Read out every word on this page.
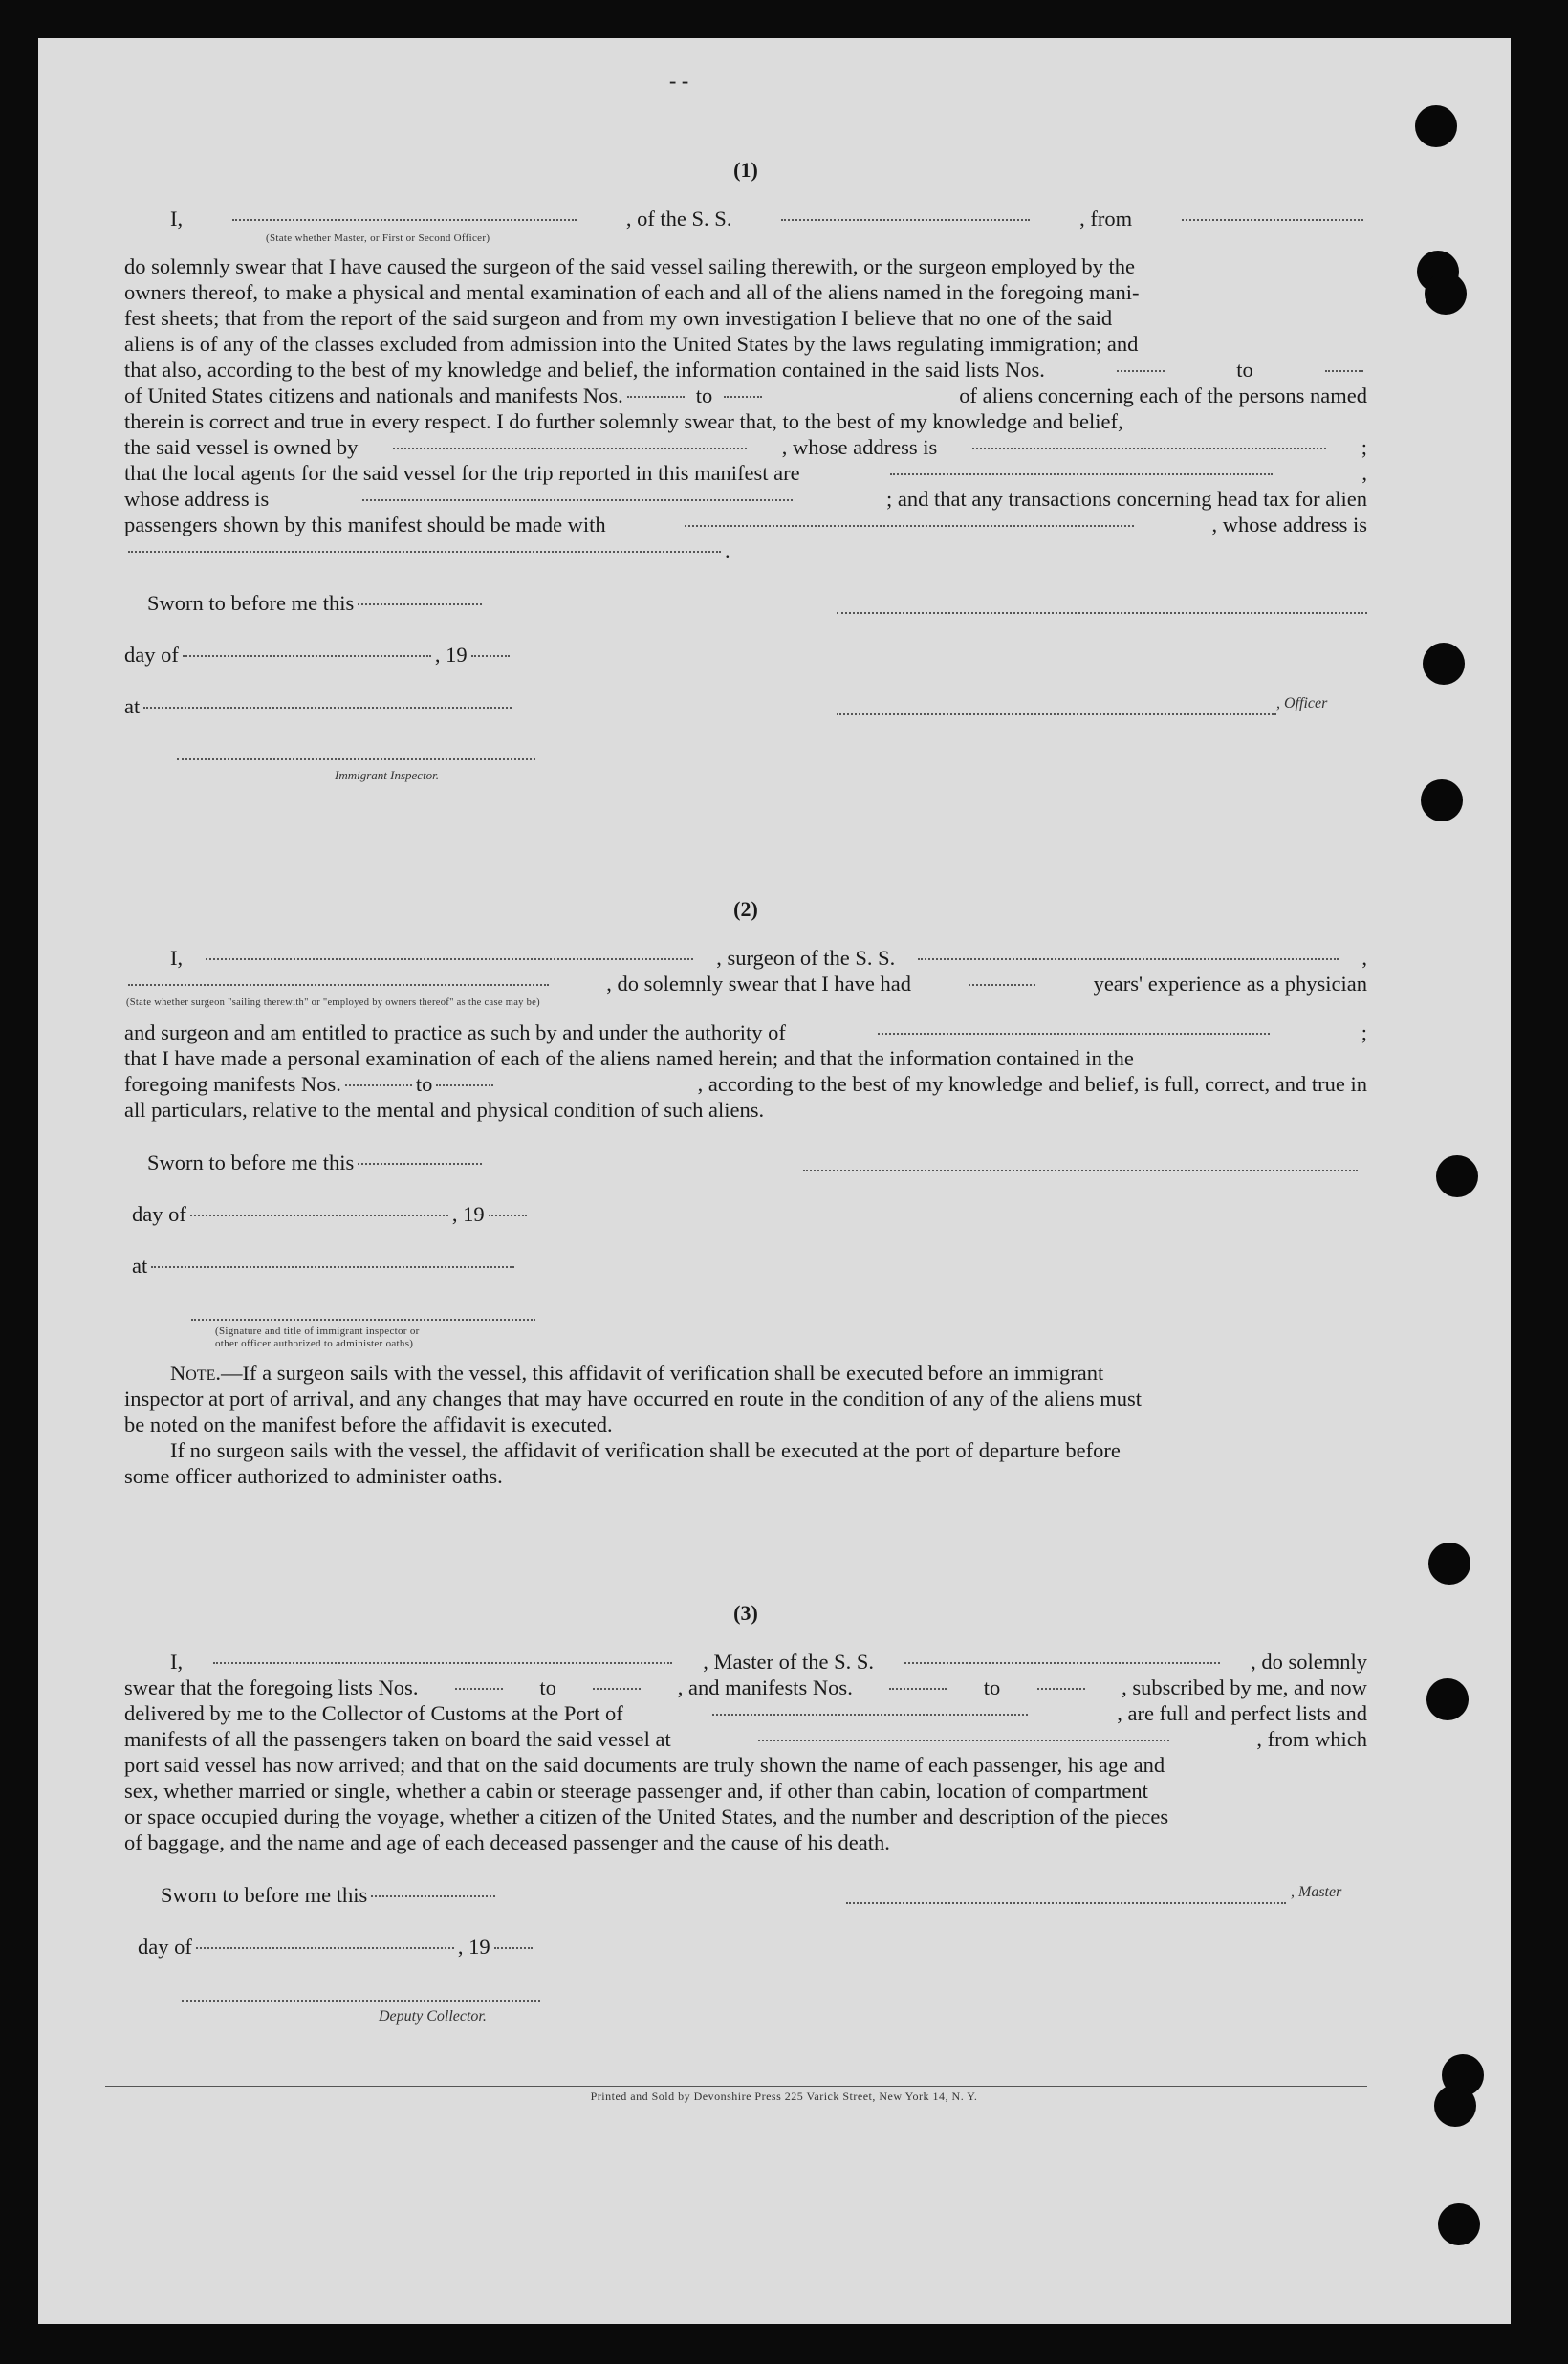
- -
(1)
I,	, of the S. S.	, from
(State whether Master, or First or Second Officer)
do solemnly swear that I have caused the surgeon of the said vessel sailing therewith, or the surgeon employed by the
owners thereof, to make a physical and mental examination of each and all of the aliens named in the foregoing mani-
fest sheets; that from the report of the said surgeon and from my own investigation I believe that no one of the said
aliens is of any of the classes excluded from admission into the United States by the laws regulating immigration; and
that also, according to the best of my knowledge and belief, the information contained in the said lists Nos.	to
of United States citizens and nationals and manifests Nos.	to	of aliens concerning each of the persons named
therein is correct and true in every respect. I do further solemnly swear that, to the best of my knowledge and belief,
the said vessel is owned by	, whose address is	;
that the local agents for the said vessel for the trip reported in this manifest are	,
whose address is	; and that any transactions concerning head tax for alien
passengers shown by this manifest should be made with	, whose address is
.
Sworn to before me this
day of	, 19
at	, Officer
Immigrant Inspector.
(2)
I,	, surgeon of the S. S.	,
, do solemnly swear that I have had	years' experience as a physician
(State whether surgeon "sailing therewith" or "employed by owners thereof" as the case may be)
and surgeon and am entitled to practice as such by and under the authority of	;
that I have made a personal examination of each of the aliens named herein; and that the information contained in the
foregoing manifests Nos.	to	, according to the best of my knowledge and belief, is full, correct, and true in
all particulars, relative to the mental and physical condition of such aliens.
Sworn to before me this
day of	, 19
at
(Signature and title of immigrant inspector or
other officer authorized to administer oaths)
Note. —If a surgeon sails with the vessel, this affidavit of verification shall be executed before an immigrant
inspector at port of arrival, and any changes that may have occurred en route in the condition of any of the aliens must
be noted on the manifest before the affidavit is executed.
If no surgeon sails with the vessel, the affidavit of verification shall be executed at the port of departure before
some officer authorized to administer oaths.
(3)
I,	, Master of the S. S.	, do solemnly
swear that the foregoing lists Nos.	to	, and manifests Nos.	to	, subscribed by me, and now
delivered by me to the Collector of Customs at the Port of	, are full and perfect lists and
manifests of all the passengers taken on board the said vessel at	, from which
port said vessel has now arrived; and that on the said documents are truly shown the name of each passenger, his age and
sex, whether married or single, whether a cabin or steerage passenger and, if other than cabin, location of compartment
or space occupied during the voyage, whether a citizen of the United States, and the number and description of the pieces
of baggage, and the name and age of each deceased passenger and the cause of his death.
Sworn to before me this	, Master
day of	, 19
Deputy Collector.
Printed and Sold by Devonshire Press 225 Varick Street, New York 14, N. Y.
